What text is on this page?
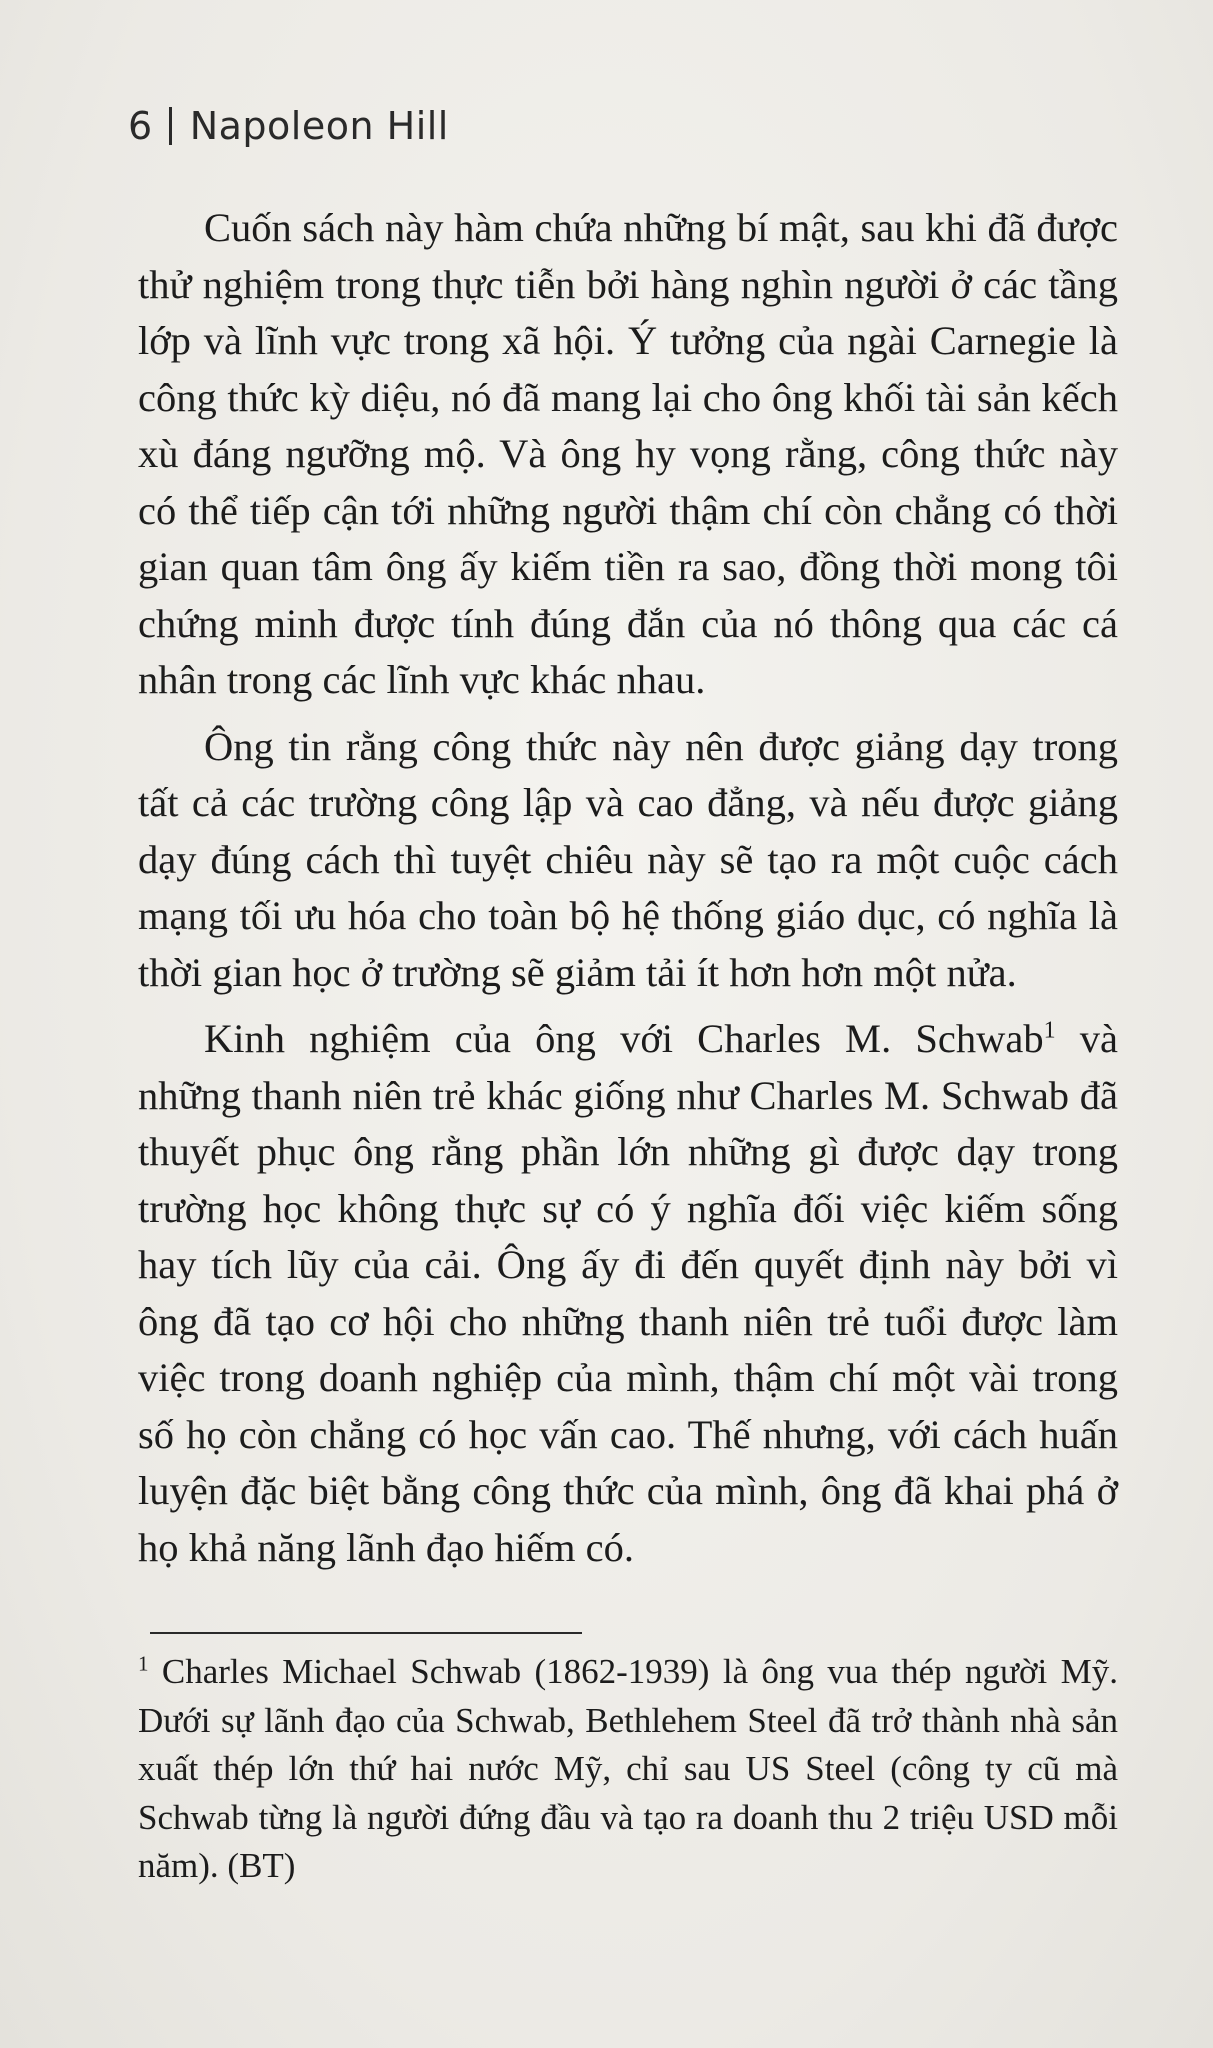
6 Napoleon Hill

Cuốn sách này hàm chứa những bí mật, sau khi đã được thử nghiệm trong thực tiễn bởi hàng nghìn người ở các tầng lớp và lĩnh vực trong xã hội. Ý tưởng của ngài Carnegie là công thức kỳ diệu, nó đã mang lại cho ông khối tài sản kếch xù đáng ngưỡng mộ. Và ông hy vọng rằng, công thức này có thể tiếp cận tới những người thậm chí còn chẳng có thời gian quan tâm ông ấy kiếm tiền ra sao, đồng thời mong tôi chứng minh được tính đúng đắn của nó thông qua các cá nhân trong các lĩnh vực khác nhau.

Ông tin rằng công thức này nên được giảng dạy trong tất cả các trường công lập và cao đẳng, và nếu được giảng dạy đúng cách thì tuyệt chiêu này sẽ tạo ra một cuộc cách mạng tối ưu hóa cho toàn bộ hệ thống giáo dục, có nghĩa là thời gian học ở trường sẽ giảm tải ít hơn hơn một nửa.

Kinh nghiệm của ông với Charles M. Schwab$^1$ và những thanh niên trẻ khác giống như Charles M. Schwab đã thuyết phục ông rằng phần lớn những gì được dạy trong trường học không thực sự có ý nghĩa đối việc kiếm sống hay tích lũy của cải. Ông ấy đi đến quyết định này bởi vì ông đã tạo cơ hội cho những thanh niên trẻ tuổi được làm việc trong doanh nghiệp của mình, thậm chí một vài trong số họ còn chẳng có học vấn cao. Thế nhưng, với cách huấn luyện đặc biệt bằng công thức của mình, ông đã khai phá ở họ khả năng lãnh đạo hiếm có.

$^1$ Charles Michael Schwab (1862-1939) là ông vua thép người Mỹ. Dưới sự lãnh đạo của Schwab, Bethlehem Steel đã trở thành nhà sản xuất thép lớn thứ hai nước Mỹ, chỉ sau US Steel (công ty cũ mà Schwab từng là người đứng đầu và tạo ra doanh thu 2 triệu USD mỗi năm). (BT)
